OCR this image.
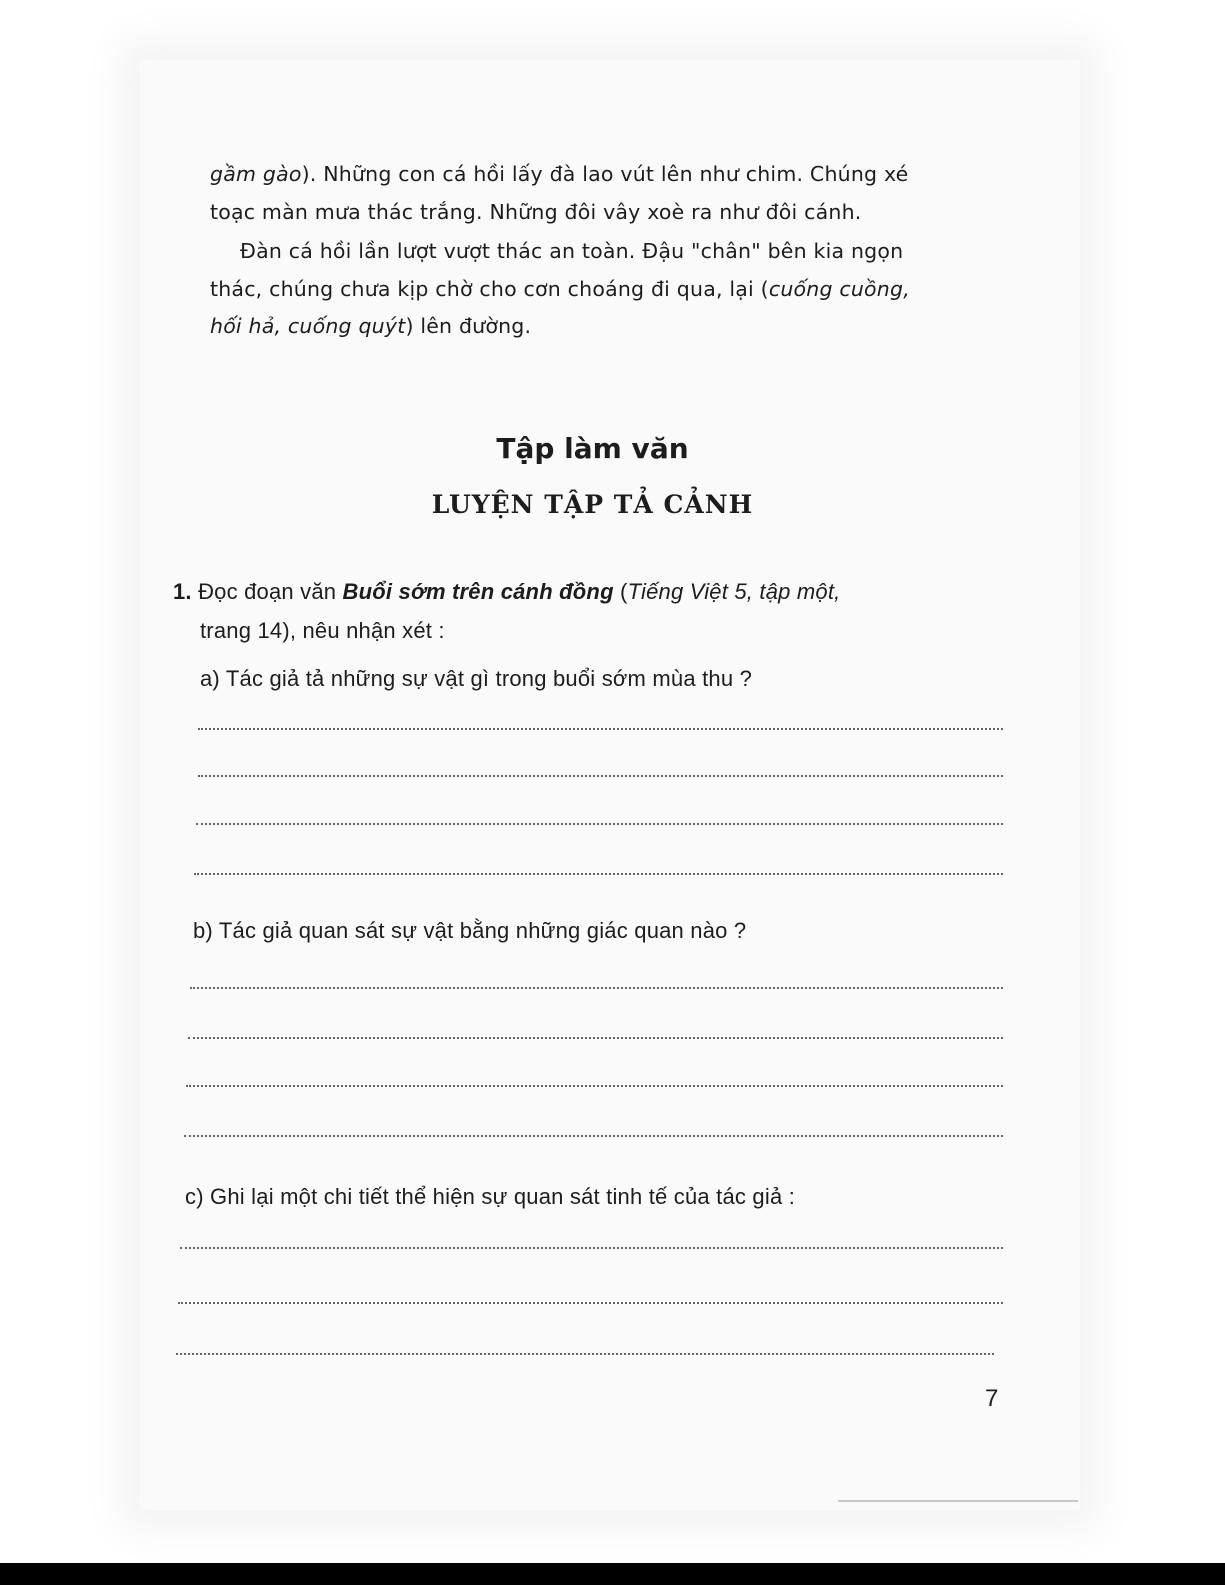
gầm gào). Những con cá hồi lấy đà lao vút lên như chim. Chúng xé
toạc màn mưa thác trắng. Những đôi vây xoè ra như đôi cánh.
Đàn cá hồi lần lượt vượt thác an toàn. Đậu "chân" bên kia ngọn
thác, chúng chưa kịp chờ cho cơn choáng đi qua, lại (cuống cuồng,
hối hả, cuống quýt) lên đường.
Tập làm văn
LUYỆN TẬP TẢ CẢNH
1. Đọc đoạn văn Buổi sớm trên cánh đồng (Tiếng Việt 5, tập một,
trang 14), nêu nhận xét :
a) Tác giả tả những sự vật gì trong buổi sớm mùa thu ?
b) Tác giả quan sát sự vật bằng những giác quan nào ?
c) Ghi lại một chi tiết thể hiện sự quan sát tinh tế của tác giả :
7
